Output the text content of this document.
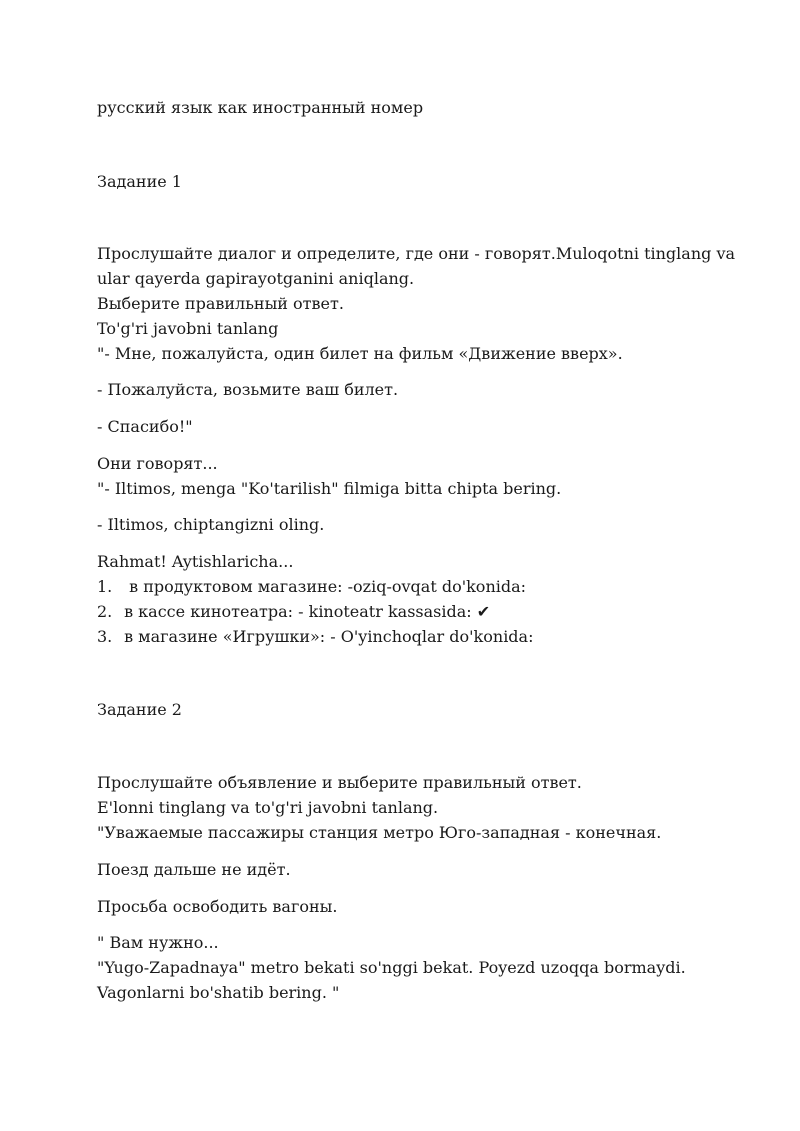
русский язык как иностранный номер
Задание 1
Прослушайте диалог и определите, где они - говорят.Muloqotni tinglang va
ular qayerda gapirayotganini aniqlang.
Выберите правильный ответ.
To'g'ri javobni tanlang
"- Мне, пожалуйста, один билет на фильм «Движение вверх».
- Пожалуйста, возьмите ваш билет.
- Спасибо!"
Они говорят...
"- Iltimos, menga "Ko'tarilish" filmiga bitta chipta bering.
- Iltimos, chiptangizni oling.
Rahmat! Aytishlaricha...
1.  в продуктовом магазине: -oziq-ovqat do'konida:
2. в кассе кинотеатра: - kinoteatr kassasida: ✔
3. в магазине «Игрушки»: - O'yinchoqlar do'konida:
Задание 2
Прослушайте объявление и выберите правильный ответ.
E'lonni tinglang va to'g'ri javobni tanlang.
"Уважаемые пассажиры станция метро Юго-западная - конечная.
Поезд дальше не идёт.
Просьба освободить вагоны.
" Вам нужно...
"Yugo-Zapadnaya" metro bekati so'nggi bekat. Poyezd uzoqqa bormaydi.
Vagonlarni bo'shatib bering. "
